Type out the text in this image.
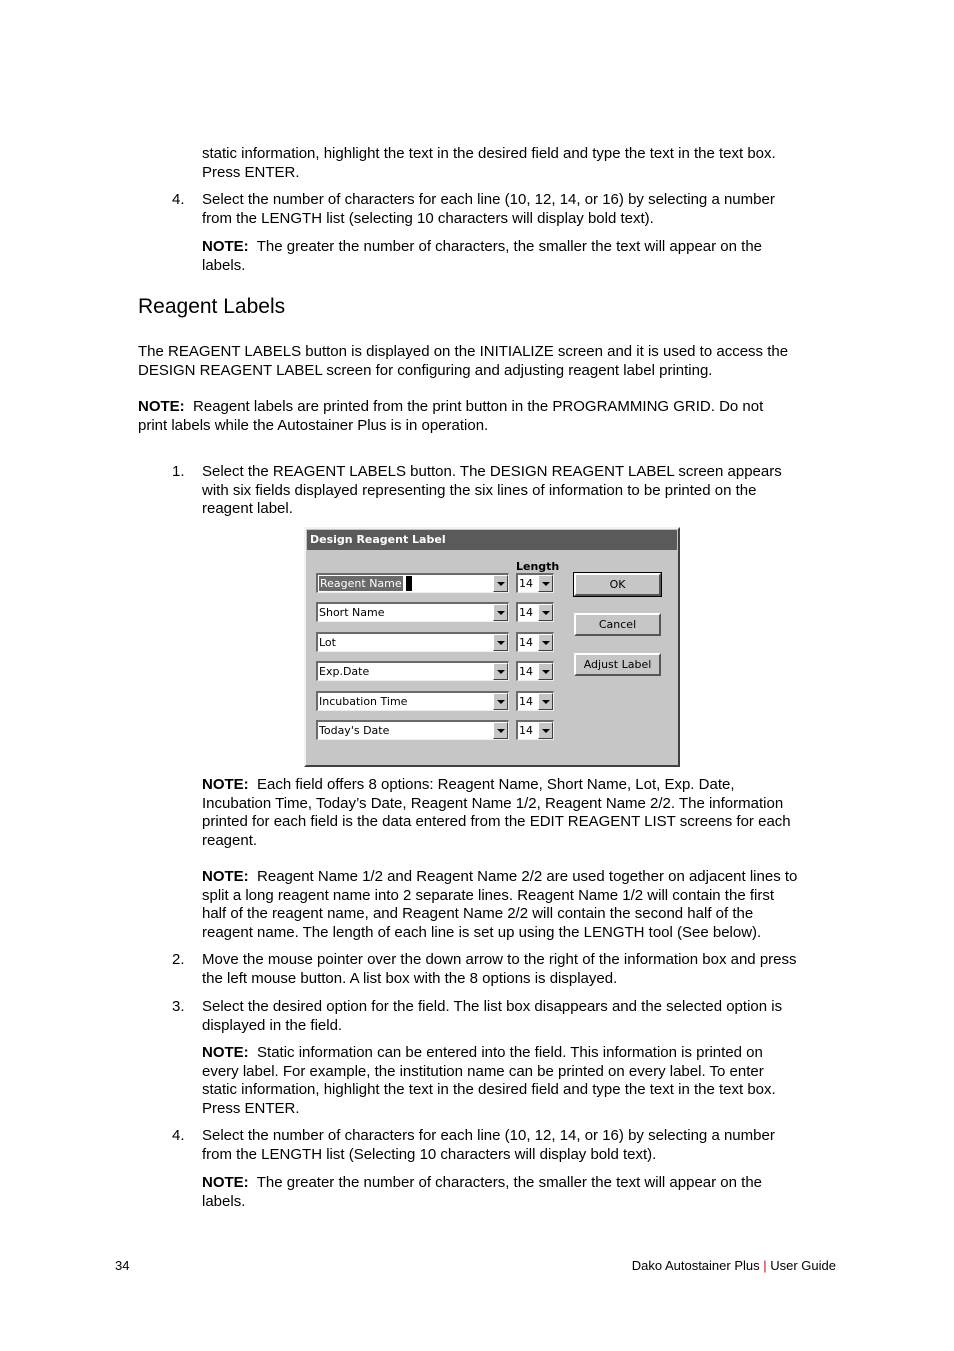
static information, highlight the text in the desired field and type the text in the text box.
Press ENTER.
4. Select the number of characters for each line (10, 12, 14, or 16) by selecting a number
from the LENGTH list (selecting 10 characters will display bold text).
NOTE: The greater the number of characters, the smaller the text will appear on the
labels.
Reagent Labels
The REAGENT LABELS button is displayed on the INITIALIZE screen and it is used to access the
DESIGN REAGENT LABEL screen for configuring and adjusting reagent label printing.
NOTE: Reagent labels are printed from the print button in the PROGRAMMING GRID. Do not
print labels while the Autostainer Plus is in operation.
1. Select the REAGENT LABELS button. The DESIGN REAGENT LABEL screen appears
with six fields displayed representing the six lines of information to be printed on the
reagent label.
Design Reagent Label
Length
Reagent Name	14
Short Name	14
Lot	14
Exp.Date	14
Incubation Time	14
Today's Date	14
OK
Cancel
Adjust Label
NOTE: Each field offers 8 options: Reagent Name, Short Name, Lot, Exp. Date,
Incubation Time, Today’s Date, Reagent Name 1/2, Reagent Name 2/2. The information
printed for each field is the data entered from the EDIT REAGENT LIST screens for each
reagent.
NOTE: Reagent Name 1/2 and Reagent Name 2/2 are used together on adjacent lines to
split a long reagent name into 2 separate lines. Reagent Name 1/2 will contain the first
half of the reagent name, and Reagent Name 2/2 will contain the second half of the
reagent name. The length of each line is set up using the LENGTH tool (See below).
2. Move the mouse pointer over the down arrow to the right of the information box and press
the left mouse button. A list box with the 8 options is displayed.
3. Select the desired option for the field. The list box disappears and the selected option is
displayed in the field.
NOTE: Static information can be entered into the field. This information is printed on
every label. For example, the institution name can be printed on every label. To enter
static information, highlight the text in the desired field and type the text in the text box.
Press ENTER.
4. Select the number of characters for each line (10, 12, 14, or 16) by selecting a number
from the LENGTH list (Selecting 10 characters will display bold text).
NOTE: The greater the number of characters, the smaller the text will appear on the
labels.
34	Dako Autostainer Plus | User Guide
